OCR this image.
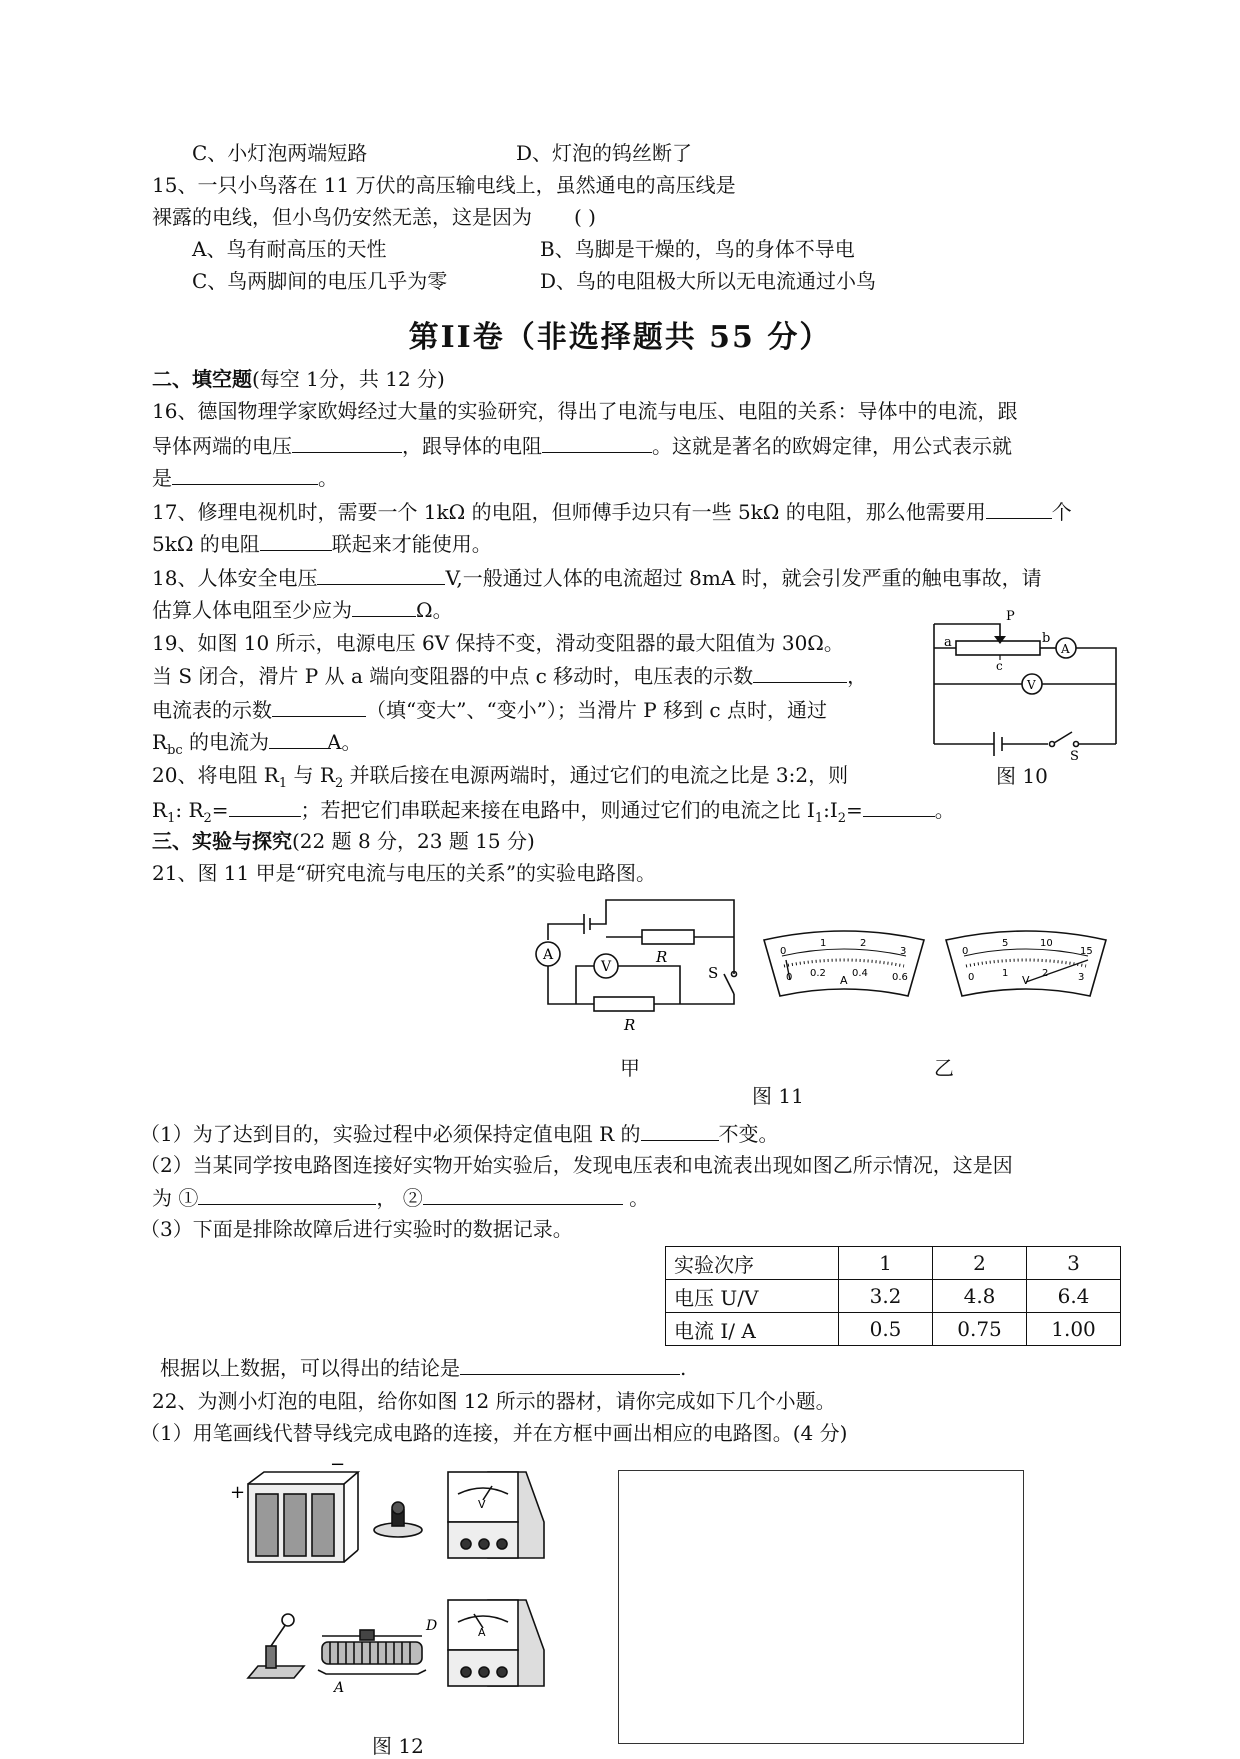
C、小灯泡两端短路	D、灯泡的钨丝断了
15、一只小鸟落在 11 万伏的高压输电线上，虽然通电的高压线是
裸露的电线，但小鸟仍安然无恙，这是因为 ( )
A、鸟有耐高压的天性	B、鸟脚是干燥的，鸟的身体不导电
C、鸟两脚间的电压几乎为零	D、鸟的电阻极大所以无电流通过小鸟
第II卷（非选择题共 55 分）
二、填空题(每空 1分，共 12 分)
16、德国物理学家欧姆经过大量的实验研究，得出了电流与电压、电阻的关系：导体中的电流，跟
导体两端的电压	，跟导体的电阻	。这就是著名的欧姆定律，用公式表示就
是	。
17、修理电视机时，需要一个 1kΩ 的电阻，但师傅手边只有一些 5kΩ 的电阻，那么他需要用	个
5kΩ 的电阻	联起来才能使用。
18、人体安全电压	V,一般通过人体的电流超过 8mA 时，就会引发严重的触电事故，请
估算人体电阻至少应为	Ω。
19、如图 10 所示，电源电压 6V 保持不变，滑动变阻器的最大阻值为 30Ω。
当 S 闭合，滑片 P 从 a 端向变阻器的中点 c 移动时，电压表的示数	，
电流表的示数	（填“变大”、“变小”）；当滑片 P 移到 c 点时，通过
$R_{bc}$ 的电流为	A。
P
a	b
c
A
V
S
图 10
20、将电阻 $R_1$ 与 $R_2$ 并联后接在电源两端时，通过它们的电流之比是 3:2，则
$R_1$: $R_2=$	；若把它们串联起来接在电路中，则通过它们的电流之比 $I_1:I_2=$	。
三、实验与探究(22 题 8 分，23 题 15 分)
21、图 11 甲是“研究电流与电压的关系”的实验电路图。
R
R
A
V	S
甲	乙
图 11
0
1	2
3
0 0.2	0.4 0.6
A
0
5	10
15
0	1	2	3
V
（1）为了达到目的，实验过程中必须保持定值电阻 R 的	不变。
（2）当某同学按电路图连接好实物开始实验后，发现电压表和电流表出现如图乙所示情况，这是因
为 ①	， ②	。
（3）下面是排除故障后进行实验时的数据记录。
实验次序	1	2	3
电压 U/V	3.2	4.8	6.4
电流 I/ A	0.5	0.75	1.00
根据以上数据，可以得出的结论是	.
22、为测小灯泡的电阻，给你如图 12 所示的器材，请你完成如下几个小题。
（1）用笔画线代替导线完成电路的连接，并在方框中画出相应的电路图。(4 分)
+
−
V
A
D
A
图 12
